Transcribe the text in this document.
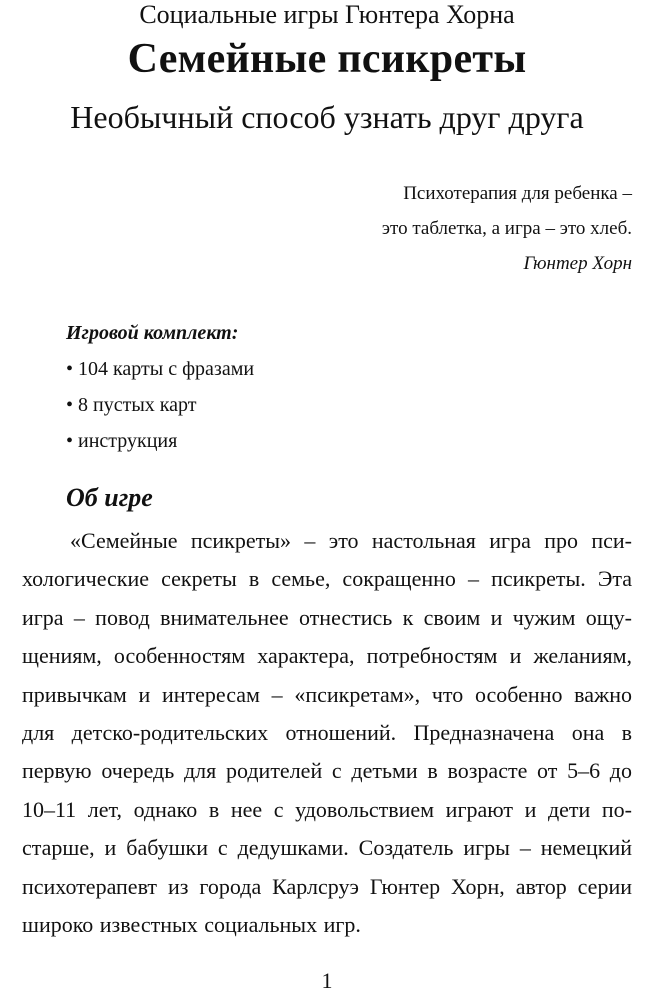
Социальные игры Гюнтера Хорна
Семейные псикреты
Необычный способ узнать друг друга
Психотерапия для ребенка –
это таблетка, а игра – это хлеб.
Гюнтер Хорн
Игровой комплект:
• 104 карты с фразами
• 8 пустых карт
• инструкция
Об игре
«Семейные псикреты» – это настольная игра про психологические секреты в семье, сокращенно – псикреты. Эта игра – повод внимательнее отнестись к своим и чужим ощущениям, особенностям характера, потребностям и желаниям, привычкам и интересам – «псикретам», что особенно важно для детско-родительских отношений. Предназначена она в первую очередь для родителей с детьми в возрасте от 5–6 до 10–11 лет, однако в нее с удовольствием играют и дети постарше, и бабушки с дедушками. Создатель игры – немецкий психотерапевт из города Карлсруэ Гюнтер Хорн, автор серии широко известных социальных игр.
1
